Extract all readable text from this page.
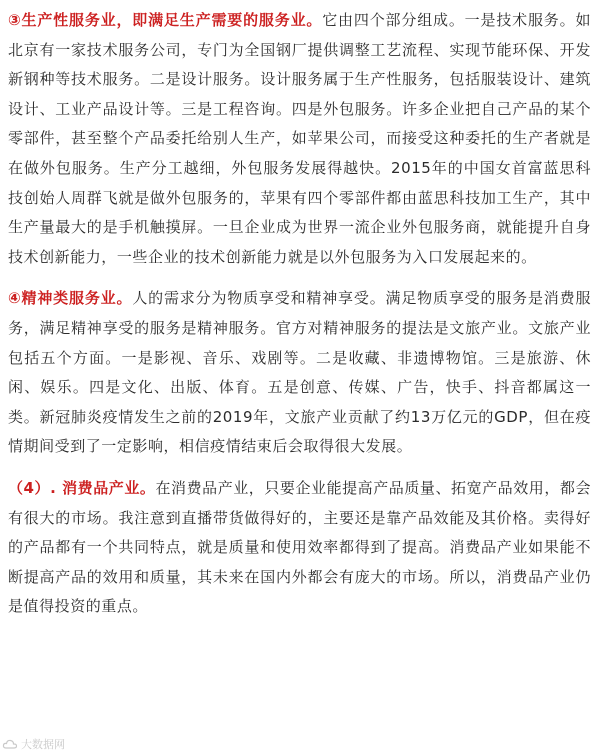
③生产性服务业，即满足生产需要的服务业。它由四个部分组成。一是技术服务。如北京有一家技术服务公司，专门为全国钢厂提供调整工艺流程、实现节能环保、开发新钢种等技术服务。二是设计服务。设计服务属于生产性服务，包括服装设计、建筑设计、工业产品设计等。三是工程咨询。四是外包服务。许多企业把自己产品的某个零部件，甚至整个产品委托给别人生产，如苹果公司，而接受这种委托的生产者就是在做外包服务。生产分工越细，外包服务发展得越快。2015年的中国女首富蓝思科技创始人周群飞就是做外包服务的，苹果有四个零部件都由蓝思科技加工生产，其中生产量最大的是手机触摸屏。一旦企业成为世界一流企业外包服务商，就能提升自身技术创新能力，一些企业的技术创新能力就是以外包服务为入口发展起来的。

④精神类服务业。人的需求分为物质享受和精神享受。满足物质享受的服务是消费服务，满足精神享受的服务是精神服务。官方对精神服务的提法是文旅产业。文旅产业包括五个方面。一是影视、音乐、戏剧等。二是收藏、非遗博物馆。三是旅游、休闲、娱乐。四是文化、出版、体育。五是创意、传媒、广告，快手、抖音都属这一类。新冠肺炎疫情发生之前的2019年，文旅产业贡献了约13万亿元的GDP，但在疫情期间受到了一定影响，相信疫情结束后会取得很大发展。

（4）. 消费品产业。在消费品产业，只要企业能提高产品质量、拓宽产品效用，都会有很大的市场。我注意到直播带货做得好的，主要还是靠产品效能及其价格。卖得好的产品都有一个共同特点，就是质量和使用效率都得到了提高。消费品产业如果能不断提高产品的效用和质量，其未来在国内外都会有庞大的市场。所以，消费品产业仍是值得投资的重点。

大数据网
